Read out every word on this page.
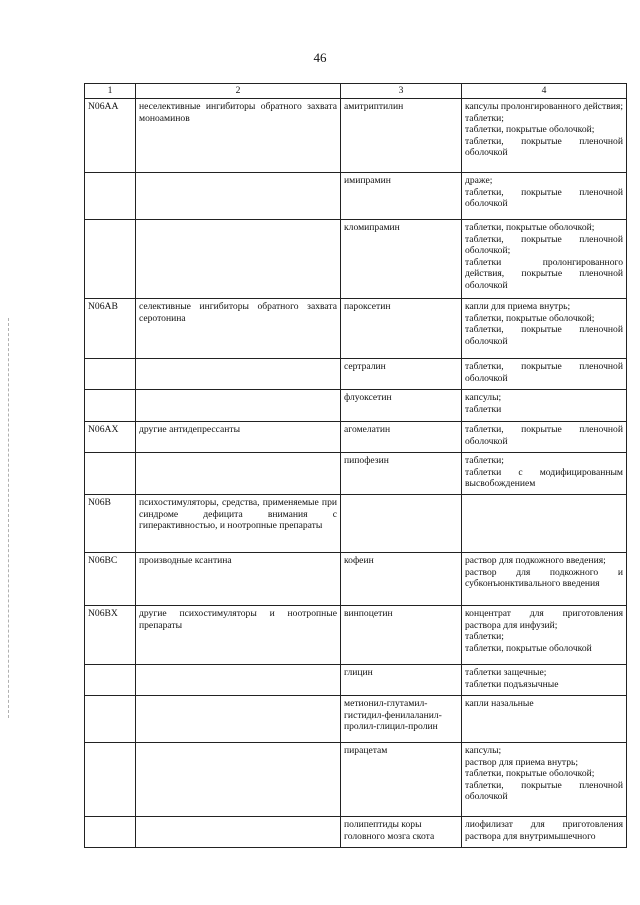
46
1	2	3	4
N06AA	неселективные ингибиторы обратного захвата моноаминов	амитриптилин	капсулы пролонгированного действия;
таблетки;
таблетки, покрытые оболочкой;
таблетки, покрытые пленочной оболочкой

		имипрамин	драже;
таблетки, покрытые пленочной оболочкой

		кломипрамин	таблетки, покрытые оболочкой;
таблетки, покрытые пленочной оболочкой;
таблетки пролонгированного действия, покрытые пленочной оболочкой

N06AB	селективные ингибиторы обратного захвата серотонина	пароксетин	капли для приема внутрь;
таблетки, покрытые оболочкой;
таблетки, покрытые пленочной оболочкой

		сертралин	таблетки, покрытые пленочной оболочкой

		флуоксетин	капсулы;
таблетки

N06AX	другие антидепрессанты	агомелатин	таблетки, покрытые пленочной оболочкой

		пипофезин	таблетки;
таблетки с модифицированным высвобождением

N06B	психостимуляторы, средства, применяемые при синдроме дефицита внимания с гиперактивностью, и ноотропные препараты		
N06BC	производные ксантина	кофеин	раствор для подкожного введения;
раствор для подкожного и субконъюнктивального введения

N06BX	другие психостимуляторы и ноотропные препараты	винпоцетин	концентрат для приготовления раствора для инфузий;
таблетки;
таблетки, покрытые оболочкой

		глицин	таблетки защечные;
таблетки подъязычные

		метионил-глутамил-гистидил-фенилаланил-пролил-глицил-пролин	капли назальные

		пирацетам	капсулы;
раствор для приема внутрь;
таблетки, покрытые оболочкой;
таблетки, покрытые пленочной оболочкой

		полипептиды коры головного мозга скота	лиофилизат для приготовления раствора для внутримышечного
